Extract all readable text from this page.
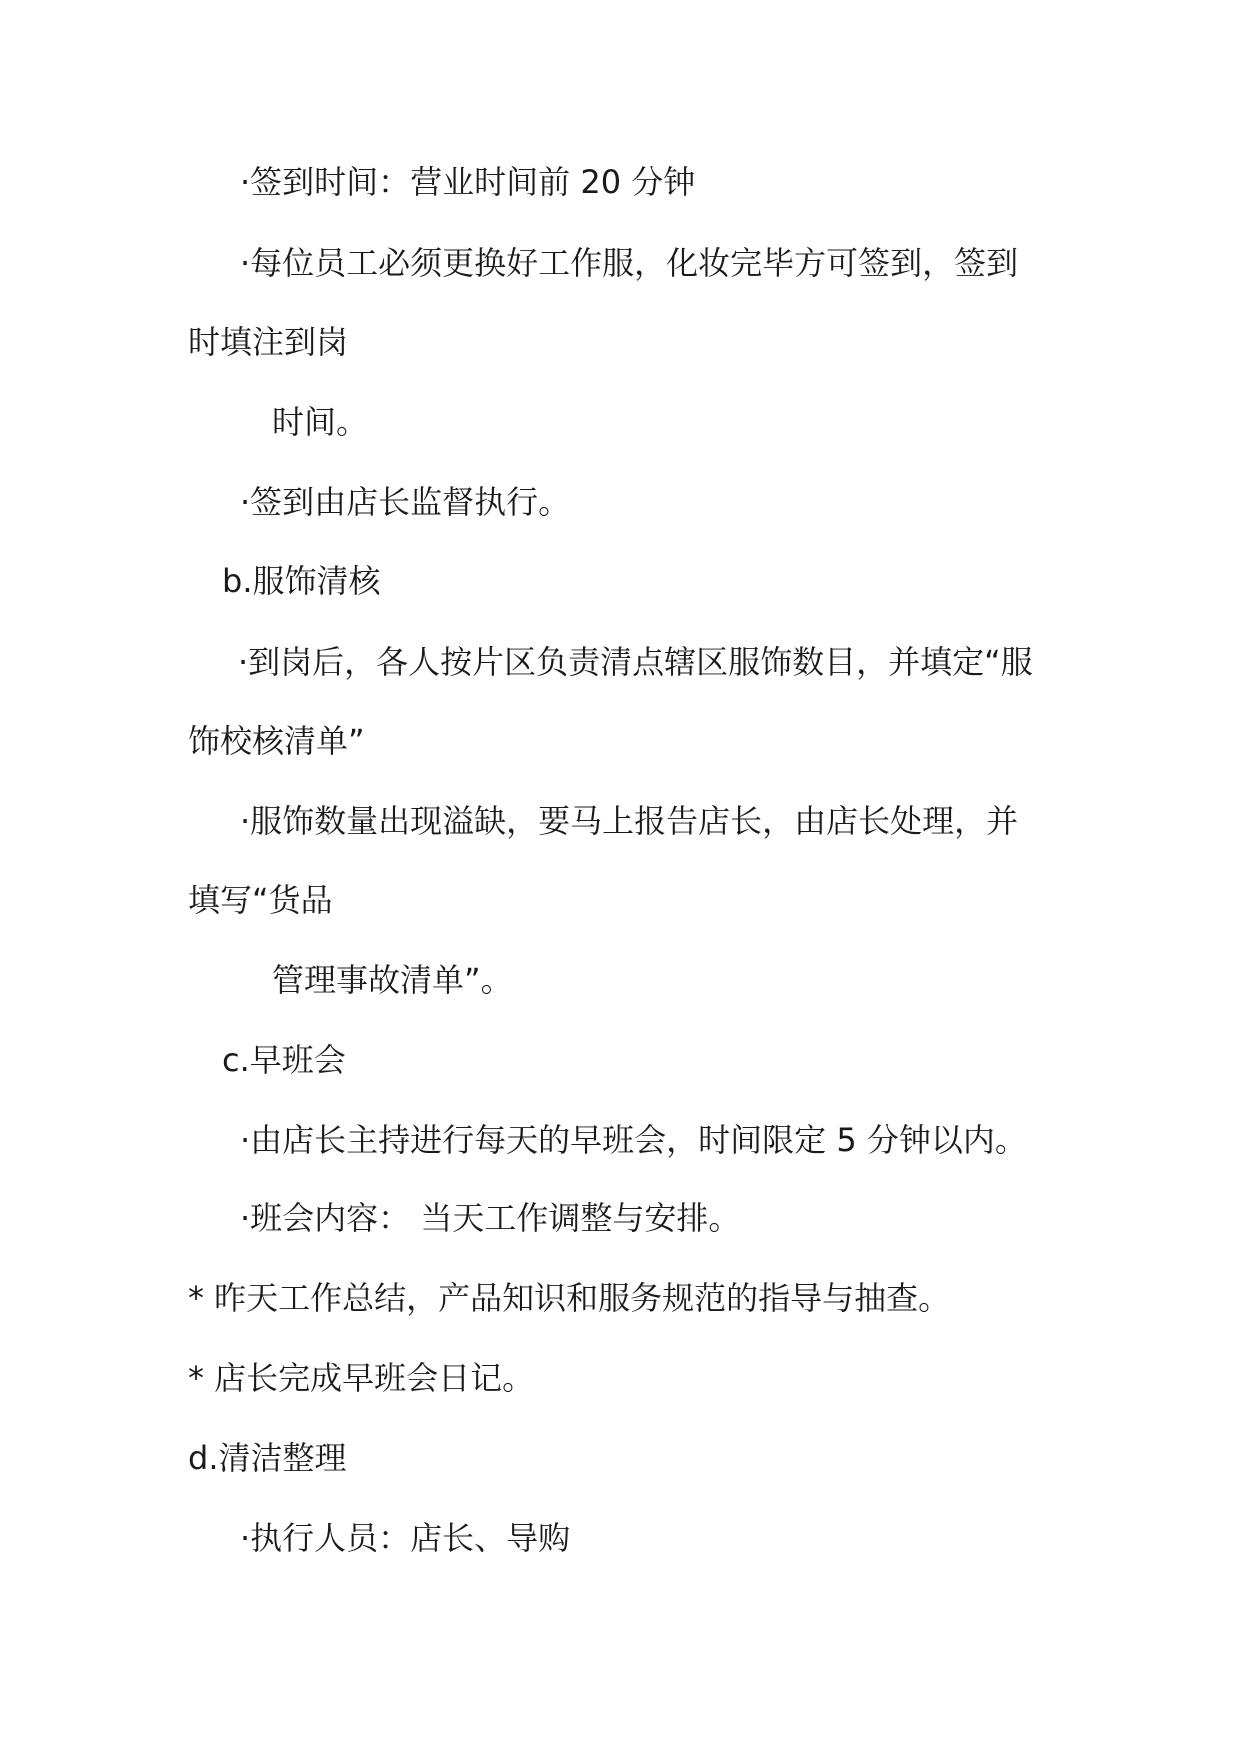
·签到时间：营业时间前 20 分钟
·每位员工必须更换好工作服，化妆完毕方可签到，签到
时填注到岗
时间。
·签到由店长监督执行。
b.服饰清核
·到岗后，各人按片区负责清点辖区服饰数目，并填定“服
饰校核清单”
·服饰数量出现溢缺，要马上报告店长，由店长处理，并
填写“货品
管理事故清单”。
c.早班会
·由店长主持进行每天的早班会，时间限定 5 分钟以内。
·班会内容： 当天工作调整与安排。
* 昨天工作总结，产品知识和服务规范的指导与抽查。
* 店长完成早班会日记。
d.清洁整理
·执行人员：店长、导购
